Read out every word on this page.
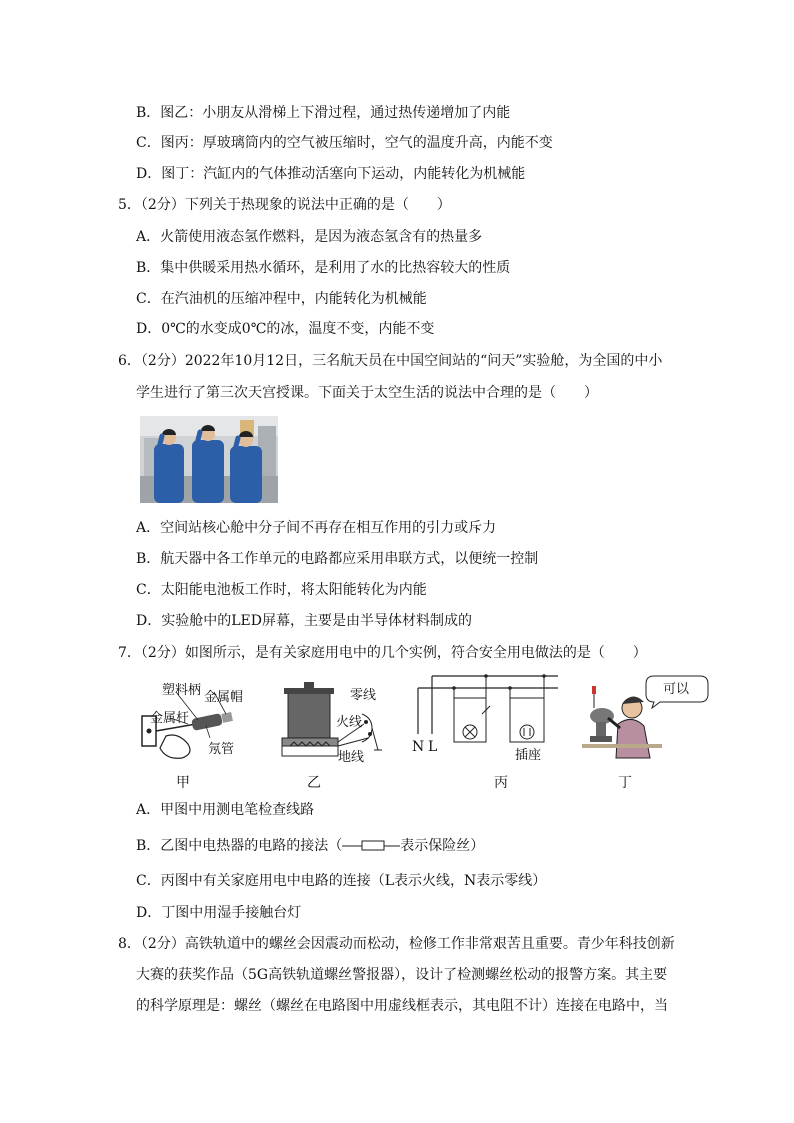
B．图乙：小朋友从滑梯上下滑过程，通过热传递增加了内能
C．图丙：厚玻璃筒内的空气被压缩时，空气的温度升高，内能不变
D．图丁：汽缸内的气体推动活塞向下运动，内能转化为机械能
5．（2分）下列关于热现象的说法中正确的是（　　）
A．火箭使用液态氢作燃料，是因为液态氢含有的热量多
B．集中供暖采用热水循环，是利用了水的比热容较大的性质
C．在汽油机的压缩冲程中，内能转化为机械能
D．0℃的水变成0℃的冰，温度不变，内能不变
6．（2分）2022年10月12日，三名航天员在中国空间站的“问天”实验舱，为全国的中小
学生进行了第三次天宫授课。下面关于太空生活的说法中合理的是（　　）
A．空间站核心舱中分子间不再存在相互作用的引力或斥力
B．航天器中各工作单元的电路都应采用串联方式，以便统一控制
C．太阳能电池板工作时，将太阳能转化为内能
D．实验舱中的LED屏幕，主要是由半导体材料制成的
7．（2分）如图所示，是有关家庭用电中的几个实例，符合安全用电做法的是（　　）
塑料柄 金属帽
金属杆
氖管
甲
零线
火线
地线
乙
N L
插座
丙
可以
丁
A．甲图中用测电笔检查线路
B．乙图中电热器的电路的接法（	表示保险丝）
C．丙图中有关家庭用电中电路的连接（L表示火线，N表示零线）
D．丁图中用湿手接触台灯
8．（2分）高铁轨道中的螺丝会因震动而松动，检修工作非常艰苦且重要。青少年科技创新
大赛的获奖作品（5G高铁轨道螺丝警报器），设计了检测螺丝松动的报警方案。其主要
的科学原理是：螺丝（螺丝在电路图中用虚线框表示，其电阻不计）连接在电路中，当
